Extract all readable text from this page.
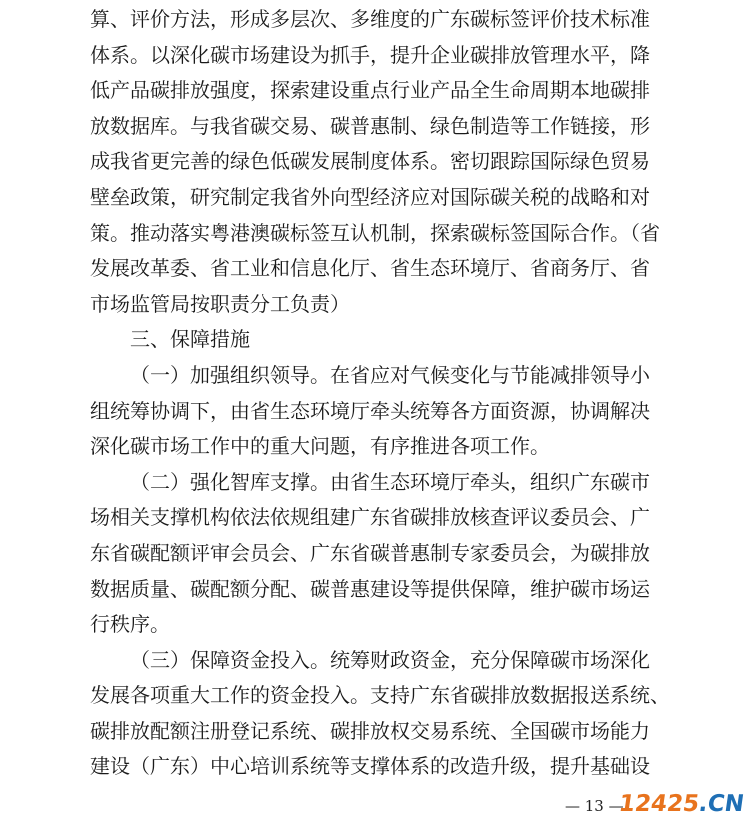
算、评价方法，形成多层次、多维度的广东碳标签评价技术标准
体系。以深化碳市场建设为抓手，提升企业碳排放管理水平，降
低产品碳排放强度，探索建设重点行业产品全生命周期本地碳排
放数据库。与我省碳交易、碳普惠制、绿色制造等工作链接，形
成我省更完善的绿色低碳发展制度体系。密切跟踪国际绿色贸易
壁垒政策，研究制定我省外向型经济应对国际碳关税的战略和对
策。推动落实粤港澳碳标签互认机制，探索碳标签国际合作。（省
发展改革委、省工业和信息化厅、省生态环境厅、省商务厅、省
市场监管局按职责分工负责）
三、保障措施
（一）加强组织领导。在省应对气候变化与节能减排领导小
组统筹协调下，由省生态环境厅牵头统筹各方面资源，协调解决
深化碳市场工作中的重大问题，有序推进各项工作。
（二）强化智库支撑。由省生态环境厅牵头，组织广东碳市
场相关支撑机构依法依规组建广东省碳排放核查评议委员会、广
东省碳配额评审会员会、广东省碳普惠制专家委员会，为碳排放
数据质量、碳配额分配、碳普惠建设等提供保障，维护碳市场运
行秩序。
（三）保障资金投入。统筹财政资金，充分保障碳市场深化
发展各项重大工作的资金投入。支持广东省碳排放数据报送系统、
碳排放配额注册登记系统、碳排放权交易系统、全国碳市场能力
建设（广东）中心培训系统等支撑体系的改造升级，提升基础设
— 13 —
12425.CN
